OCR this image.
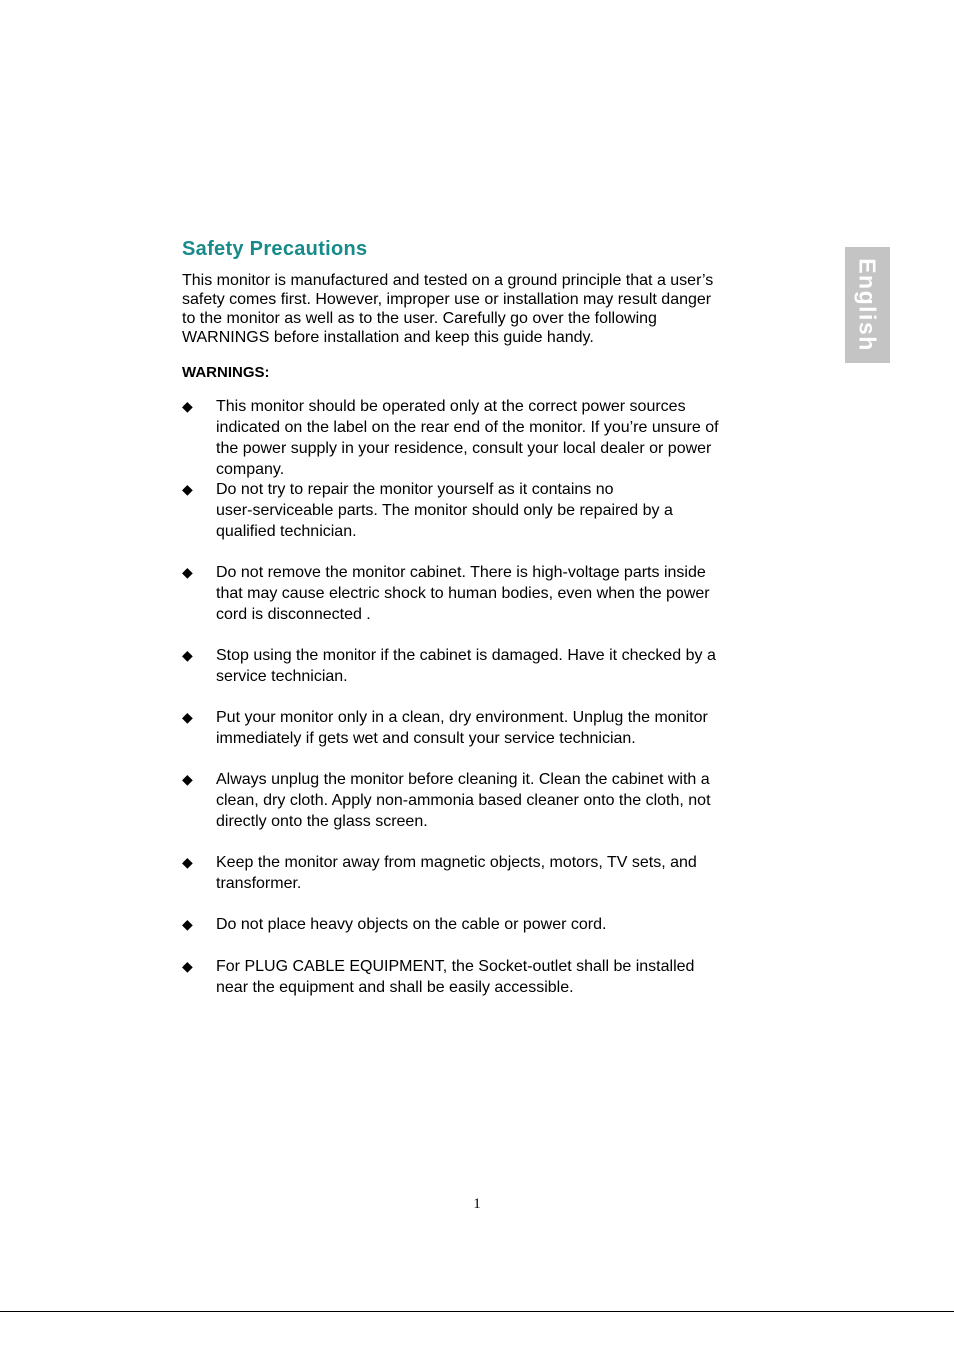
Safety Precautions

This monitor is manufactured and tested on a ground principle that a user’s
safety comes first. However, improper use or installation may result danger
to the monitor as well as to the user. Carefully go over the following
WARNINGS before installation and keep this guide handy.

WARNINGS:

◆ This monitor should be operated only at the correct power sources
indicated on the label on the rear end of the monitor. If you’re unsure of
the power supply in your residence, consult your local dealer or power
company.
◆ Do not try to repair the monitor yourself as it contains no
user-serviceable parts. The monitor should only be repaired by a
qualified technician.
◆ Do not remove the monitor cabinet. There is high-voltage parts inside
that may cause electric shock to human bodies, even when the power
cord is disconnected .
◆ Stop using the monitor if the cabinet is damaged. Have it checked by a
service technician.
◆ Put your monitor only in a clean, dry environment. Unplug the monitor
immediately if gets wet and consult your service technician.
◆ Always unplug the monitor before cleaning it. Clean the cabinet with a
clean, dry cloth. Apply non-ammonia based cleaner onto the cloth, not
directly onto the glass screen.
◆ Keep the monitor away from magnetic objects, motors, TV sets, and
transformer.
◆ Do not place heavy objects on the cable or power cord.
◆ For PLUG CABLE EQUIPMENT, the Socket-outlet shall be installed
near the equipment and shall be easily accessible.
English
1
